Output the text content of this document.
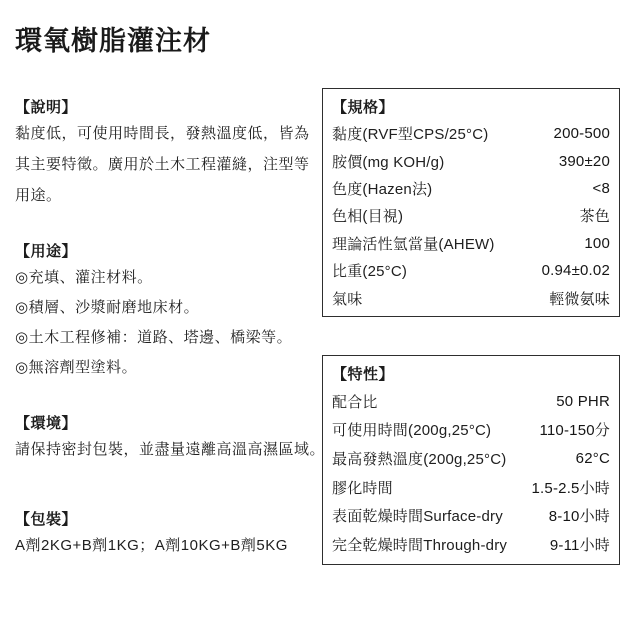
環氧樹脂灌注材
【說明】
黏度低，可使用時間長，發熱溫度低，皆為其主要特徵。廣用於土木工程灌縫，注型等用途。
【用途】
◎充填、灌注材料。
◎積層、沙漿耐磨地床材。
◎土木工程修補：道路、塔邊、橋梁等。
◎無溶劑型塗料。
【環境】
請保持密封包裝，並盡量遠離高溫高濕區域。
【包裝】
A劑2KG+B劑1KG；A劑10KG+B劑5KG
【規格】
黏度(RVF型CPS/25°C)	200-500
胺價(mg KOH/g)	390±20
色度(Hazen法)	<8
色相(目視)	茶色
理論活性氫當量(AHEW)	100
比重(25°C)	0.94±0.02
氣味	輕微氨味
【特性】
配合比	50 PHR
可使用時間(200g,25°C)	110-150分
最高發熱溫度(200g,25°C)	62°C
膠化時間	1.5-2.5小時
表面乾燥時間Surface-dry	8-10小時
完全乾燥時間Through-dry	9-11小時
